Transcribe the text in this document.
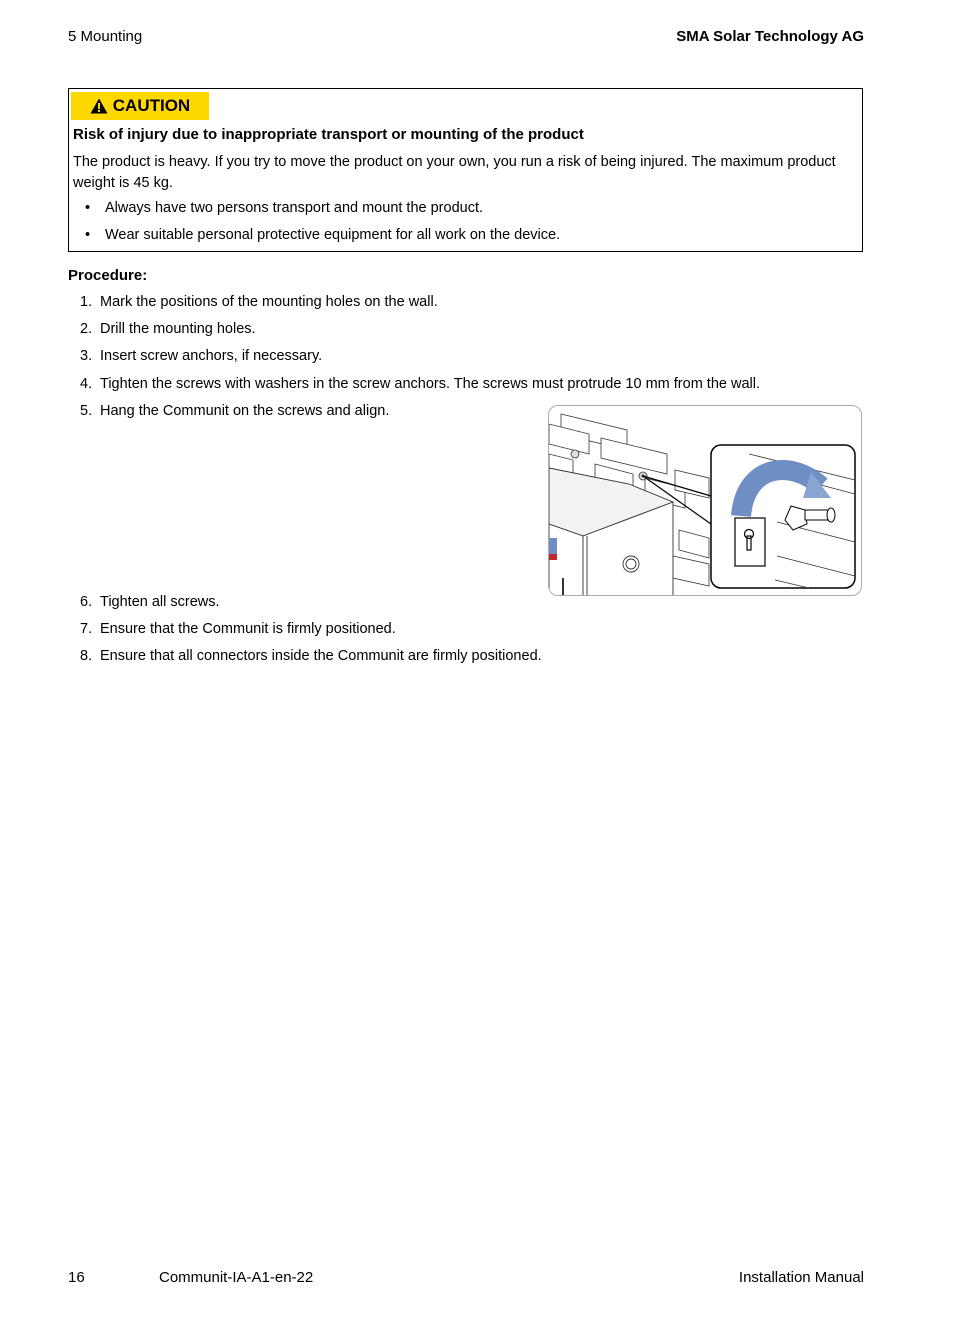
5 Mounting	SMA Solar Technology AG
CAUTION
Risk of injury due to inappropriate transport or mounting of the product
The product is heavy. If you try to move the product on your own, you run a risk of being injured. The maximum product weight is 45 kg.
• Always have two persons transport and mount the product.
• Wear suitable personal protective equipment for all work on the device.
Procedure:
1. Mark the positions of the mounting holes on the wall.
2. Drill the mounting holes.
3. Insert screw anchors, if necessary.
4. Tighten the screws with washers in the screw anchors. The screws must protrude 10 mm from the wall.
5. Hang the Communit on the screws and align.
6. Tighten all screws.
7. Ensure that the Communit is firmly positioned.
8. Ensure that all connectors inside the Communit are firmly positioned.
16	Communit-IA-A1-en-22	Installation Manual
